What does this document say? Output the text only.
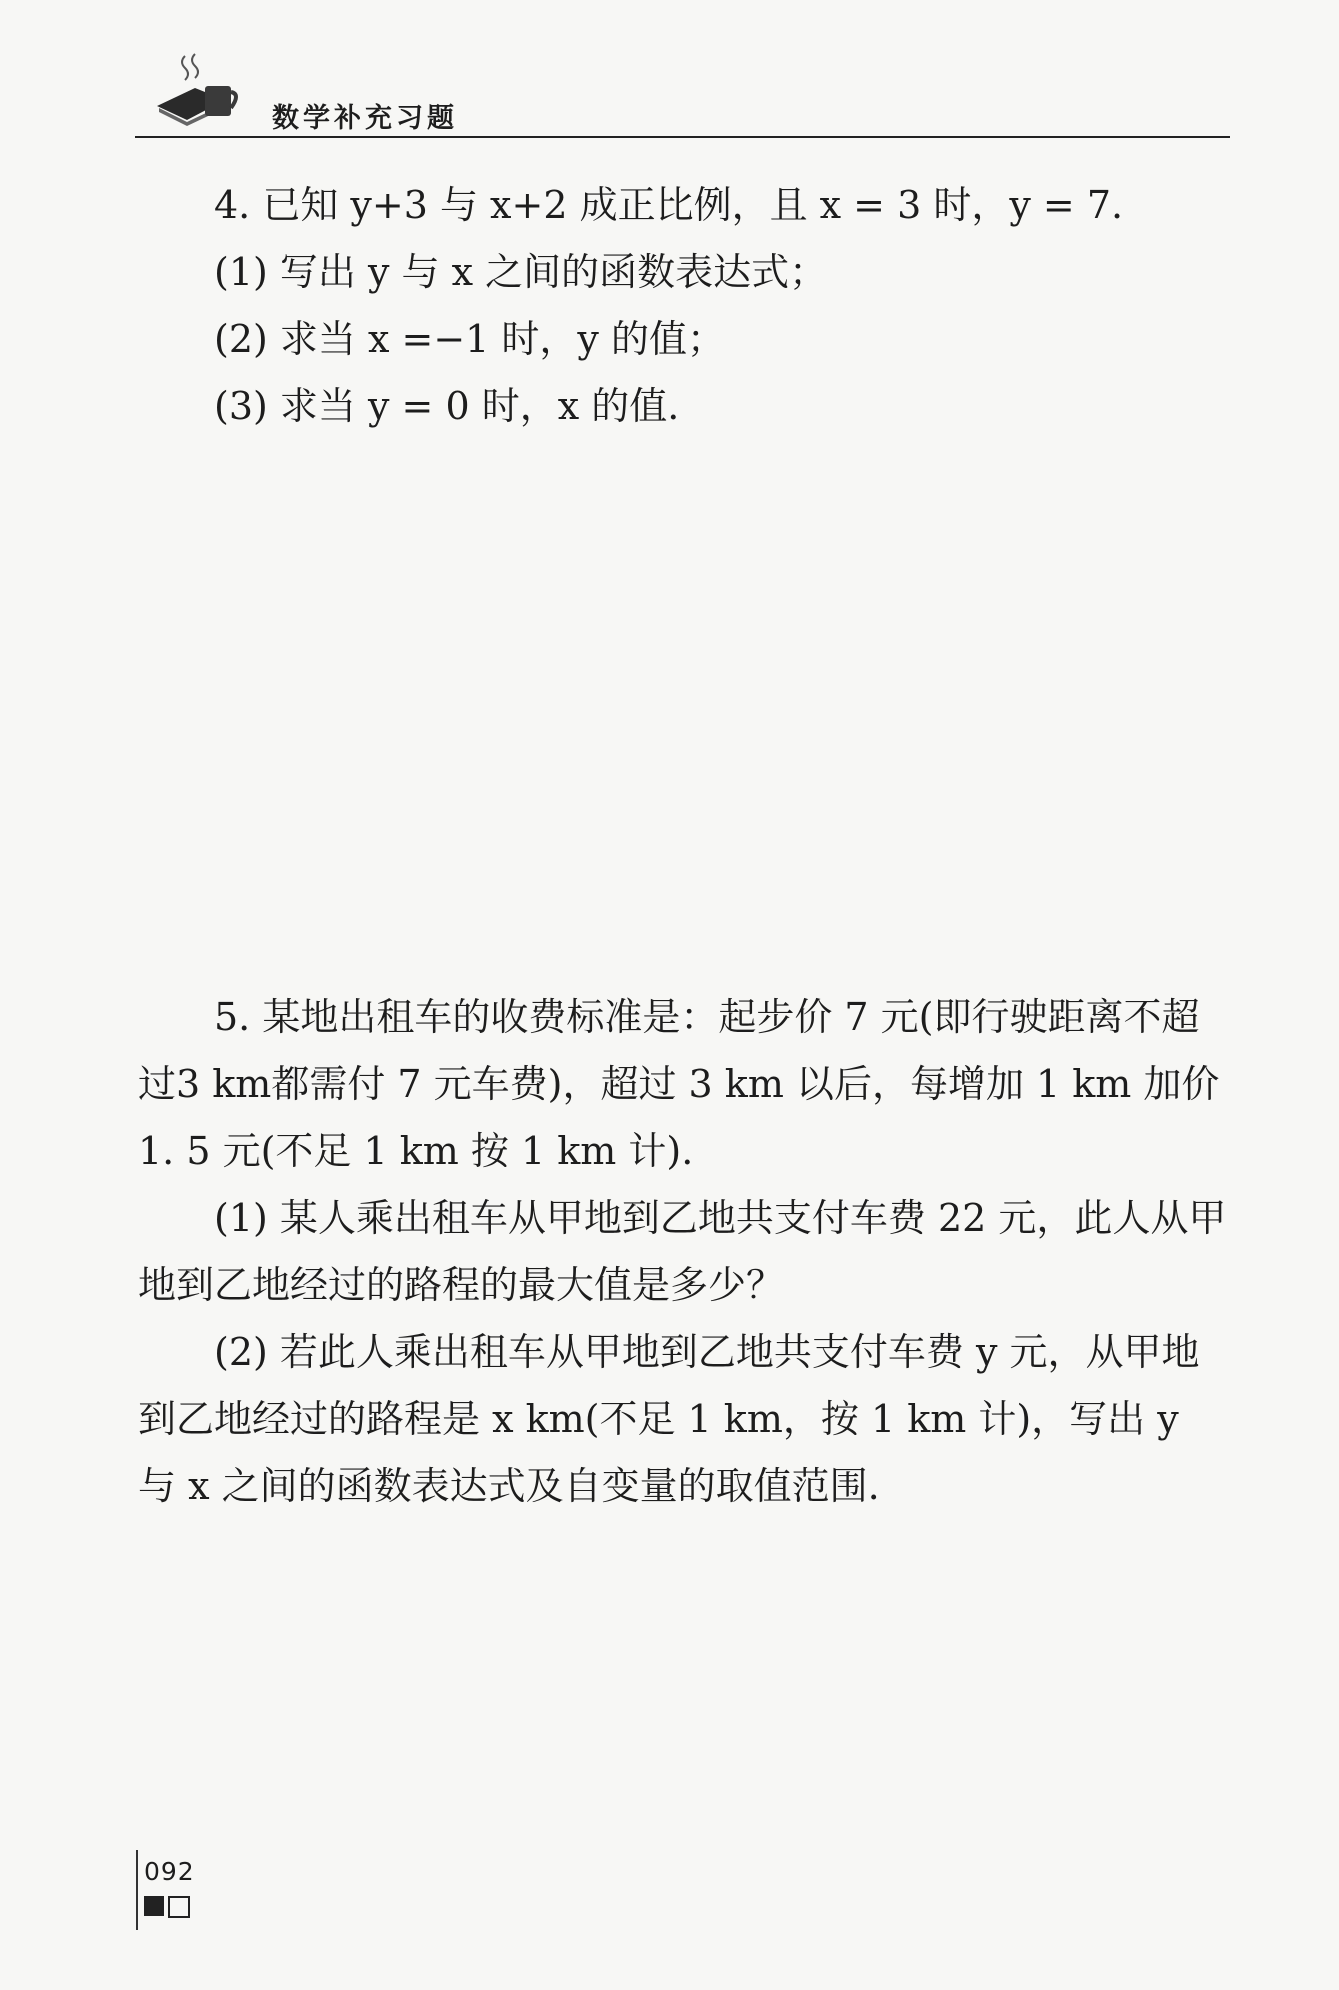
数学补充习题

4. 已知 y+3 与 x+2 成正比例，且 x = 3 时，y = 7.

(1) 写出 y 与 x 之间的函数表达式；

(2) 求当 x =−1 时，y 的值；

(3) 求当 y = 0 时，x 的值.

5. 某地出租车的收费标准是：起步价 7 元(即行驶距离不超过3 km都需付 7 元车费)，超过 3 km 以后，每增加 1 km 加价1. 5 元(不足 1 km 按 1 km 计).

(1) 某人乘出租车从甲地到乙地共支付车费 22 元，此人从甲地到乙地经过的路程的最大值是多少？

(2) 若此人乘出租车从甲地到乙地共支付车费 y 元，从甲地到乙地经过的路程是 x km(不足 1 km，按 1 km 计)，写出 y 与 x 之间的函数表达式及自变量的取值范围.

092
